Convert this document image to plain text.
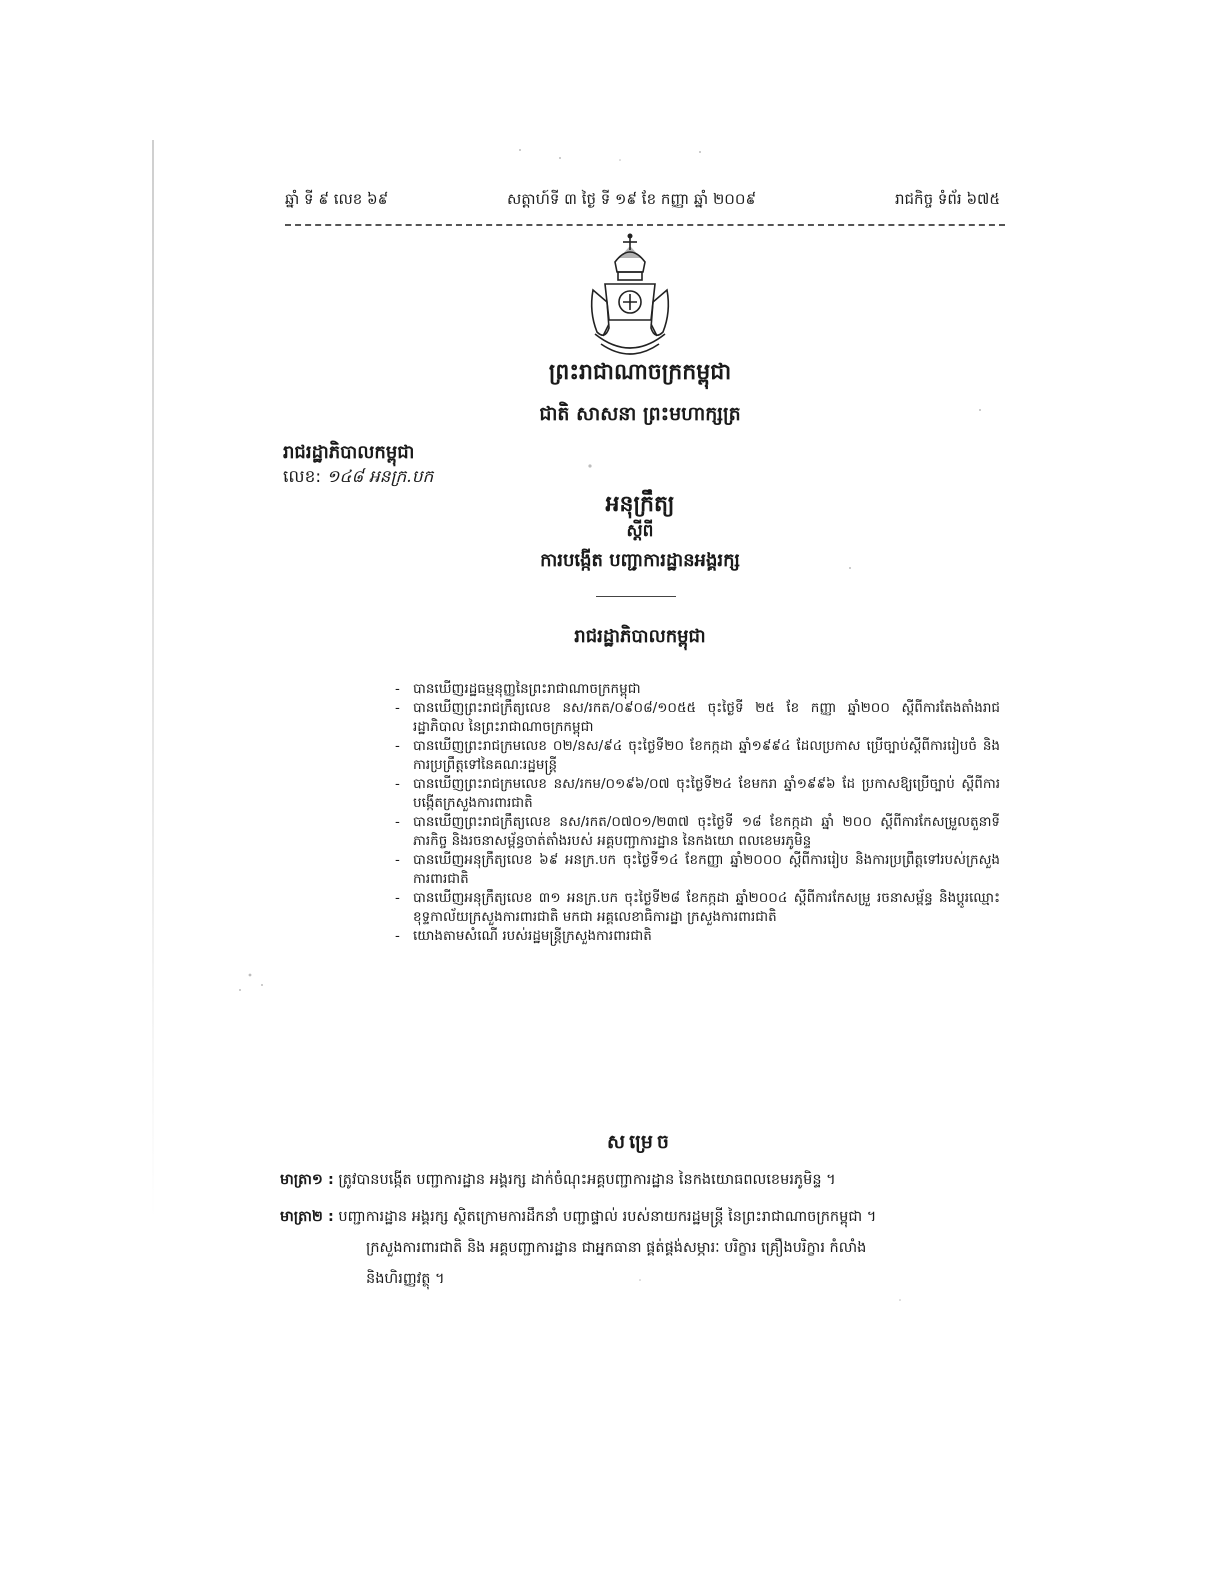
ឆ្នាំ ទី ៩ លេខ ៦៩	សត្តាហ៍ទី ៣ ថ្ងៃ ទី ១៩ ខែ កញ្ញា ឆ្នាំ ២០០៩	រាជកិច្ច ទំព័រ ៦៧៥
ព្រះរាជាណាចក្រកម្ពុជា
ជាតិ សាសនា ព្រះមហាក្សត្រ
រាជរដ្ឋាភិបាលកម្ពុជា
លេខ: ១៤៨ អនក្រ.បក
អនុក្រឹត្យ
ស្តីពី
ការបង្កើត បញ្ជាការដ្ឋានអង្គរក្ស
រាជរដ្ឋាភិបាលកម្ពុជា
- បានឃើញរដ្ឋធម្មនុញ្ញនៃព្រះរាជាណាចក្រកម្ពុជា
- បានឃើញព្រះរាជក្រឹត្យលេខ នស/រកត/០៩០៨/១០៥៥ ចុះថ្ងៃទី ២៥ ខែ កញ្ញា ឆ្នាំ២០០ ស្តីពីការតែងតាំងរាជរដ្ឋាភិបាល នៃព្រះរាជាណាចក្រកម្ពុជា
- បានឃើញព្រះរាជក្រមលេខ ០២/នស/៩៤ ចុះថ្ងៃទី២០ ខែកក្កដា ឆ្នាំ១៩៩៤ ដែលប្រកាស ប្រើច្បាប់ស្តីពីការរៀបចំ និងការប្រព្រឹត្តទៅនៃគណៈរដ្ឋមន្ត្រី
- បានឃើញព្រះរាជក្រមលេខ នស/រកម/០១៩៦/០៧ ចុះថ្ងៃទី២៤ ខែមករា ឆ្នាំ១៩៩៦ ដែ ប្រកាសឱ្យប្រើច្បាប់ ស្តីពីការបង្កើតក្រសួងការពារជាតិ
- បានឃើញព្រះរាជក្រឹត្យលេខ នស/រកត/០៧០១/២៣៧ ចុះថ្ងៃទី ១៨ ខែកក្កដា ឆ្នាំ ២០០ ស្តីពីការកែសម្រួលតួនាទី ភារកិច្ច និងរចនាសម្ព័ន្ធចាត់តាំងរបស់ អគ្គបញ្ជាការដ្ឋាន នៃកងយោ ពលខេមរភូមិន្ទ
- បានឃើញអនុក្រឹត្យលេខ ៦៩ អនក្រ.បក ចុះថ្ងៃទី១៤ ខែកញ្ញា ឆ្នាំ២០០០ ស្តីពីការរៀប និងការប្រព្រឹត្តទៅរបស់ក្រសួងការពារជាតិ
- បានឃើញអនុក្រឹត្យលេខ ៣១ អនក្រ.បក ចុះថ្ងៃទី២៨ ខែកក្កដា ឆ្នាំ២០០៤ ស្តីពីការកែសម្រួ រចនាសម្ព័ន្ធ និងប្តូរឈ្មោះ ខុទ្ទកាល័យក្រសួងការពារជាតិ មកជា អគ្គលេខាធិការដ្ឋា ក្រសួងការពារជាតិ
- យោងតាមសំណើ របស់រដ្ឋមន្ត្រីក្រសួងការពារជាតិ
សម្រេច
មាត្រា១ : ត្រូវបានបង្កើត បញ្ជាការដ្ឋាន អង្គរក្ស ដាក់ចំណុះអគ្គបញ្ជាការដ្ឋាន នៃកងយោធពលខេមរភូមិន្ទ ។
មាត្រា២ : បញ្ជាការដ្ឋាន អង្គរក្ស ស្ថិតក្រោមការដឹកនាំ បញ្ជាផ្ទាល់ របស់នាយករដ្ឋមន្ត្រី នៃព្រះរាជាណាចក្រកម្ពុជា ។
ក្រសួងការពារជាតិ និង អគ្គបញ្ជាការដ្ឋាន ជាអ្នកធានា ផ្គត់ផ្គង់សម្ភារៈ បរិក្ខារ គ្រឿងបរិក្ខារ កំលាំង
និងហិរញ្ញវត្ថុ ។
